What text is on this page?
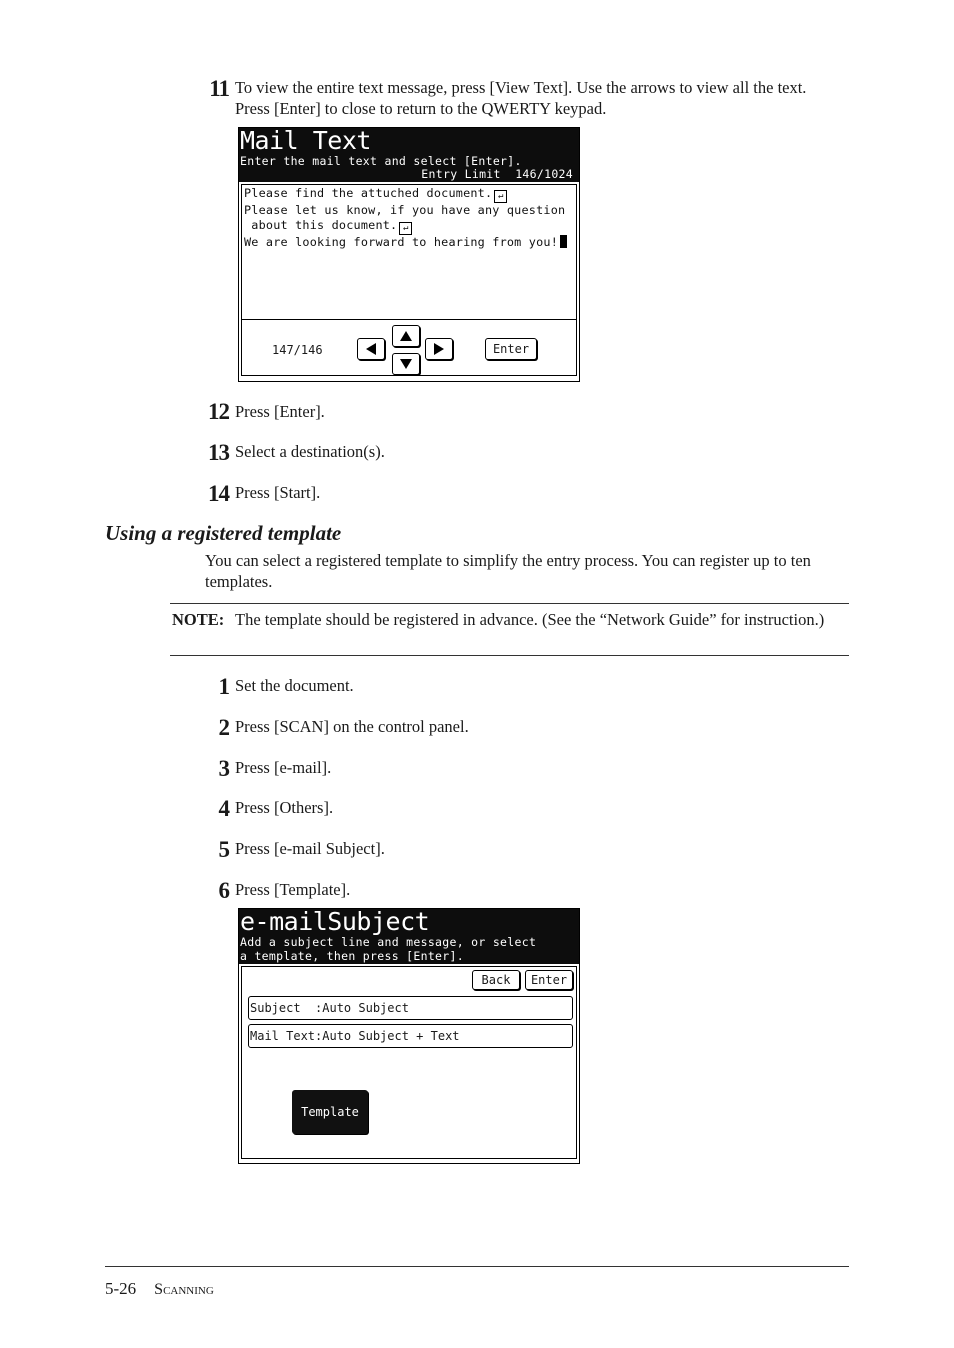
11 To view the entire text message, press [View Text]. Use the arrows to view all the text. Press [Enter] to close to return to the QWERTY keypad.
Mail Text
Enter the mail text and select [Enter].
Entry Limit  146/1024
Please find the attuched document. ↵
Please let us know, if you have any question
about this document. ↵
We are looking forward to hearing from you!
147/146	Enter
12 Press [Enter].
13 Select a destination(s).
14 Press [Start].
Using a registered template
You can select a registered template to simplify the entry process. You can register up to ten templates.
NOTE: The template should be registered in advance. (See the “Network Guide” for instruction.)
1 Set the document.
2 Press [SCAN] on the control panel.
3 Press [e-mail].
4 Press [Others].
5 Press [e-mail Subject].
6 Press [Template].
e-mailSubject
Add a subject line and message, or select
a template, then press [Enter].
Back	Enter
Subject  :Auto Subject
Mail Text:Auto Subject + Text
Template
5-26 Scanning
